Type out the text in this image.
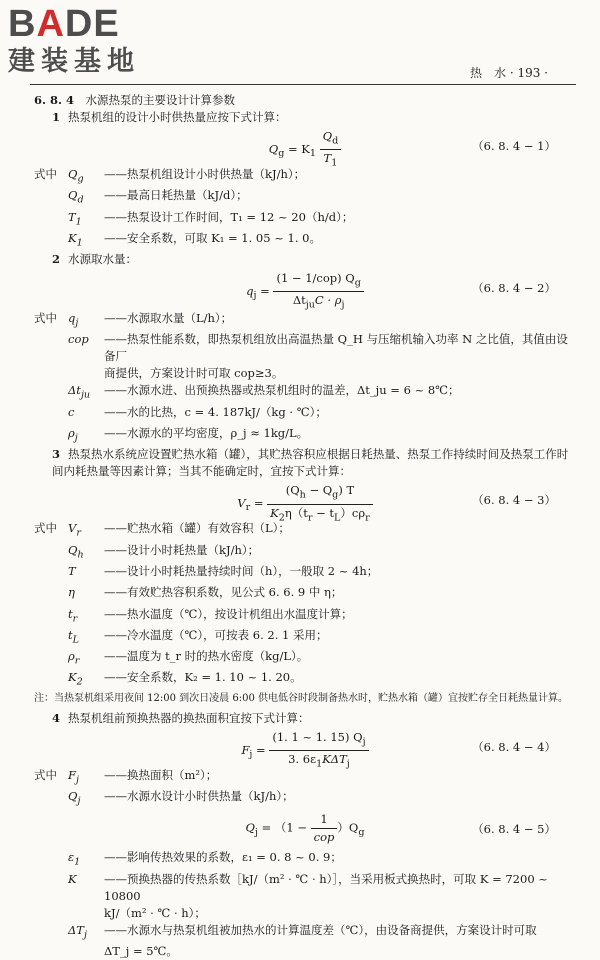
BADE
建装基地	热　水 · 193 ·
6. 8. 4　 水源热泵的主要设计计算参数
1 热泵机组的设计小时供热量应按下式计算：
$Q_g = K_1 \frac{Q_d}{T_1}$	（6. 8. 4 − 1）
式中 $Q_g$	——热泵机组设计小时供热量（kJ/h）；
$Q_d$	——最高日耗热量（kJ/d）；
$T_1$	——热泵设计工作时间，T₁ = 12 ~ 20（h/d）；
$K_1$	——安全系数，可取 K₁ = 1. 05 ~ 1. 0。
2 水源取水量：
$q_j = \frac{(1 - 1/cop) Q_g}{\Delta t_{ju}C \cdot \rho_j}$	（6. 8. 4 − 2）
式中 $q_j$	——水源取水量（L/h）；
cop	——热泵性能系数，即热泵机组放出高温热量 Q_H 与压缩机输入功率 N 之比值，其值由设备厂
商提供，方案设计时可取 cop≥3。
$\Delta t_{ju}$	——水源水进、出预换热器或热泵机组时的温差，Δt_ju = 6 ~ 8℃；
c	——水的比热，c = 4. 187kJ/（kg · ℃）；
$\rho_j$	——水源水的平均密度，ρ_j ≈ 1kg/L。
3 热泵热水系统应设置贮热水箱（罐），其贮热容积应根据日耗热量、热泵工作持续时间及热泵工作时间内耗热量等因素计算；当其不能确定时，宜按下式计算：
$V_r = \frac{(Q_h - Q_g) T}{K_2\eta(t_r - t_L)c\rho_r}$	（6. 8. 4 − 3）
式中 $V_r$	——贮热水箱（罐）有效容积（L）；
$Q_h$	——设计小时耗热量（kJ/h）；
T	——设计小时耗热量持续时间（h），一般取 2 ~ 4h；
η	——有效贮热容积系数，见公式 6. 6. 9 中 η；
$t_r$	——热水温度（℃），按设计机组出水温度计算；
$t_L$	——冷水温度（℃），可按表 6. 2. 1 采用；
$\rho_r$	——温度为 t_r 时的热水密度（kg/L）。
$K_2$	——安全系数，K₂ = 1. 10 ~ 1. 20。
注：当热泵机组采用夜间 12:00 到次日凌晨 6:00 供电低谷时段制备热水时，贮热水箱（罐）宜按贮存全日耗热量计算。
4 热泵机组前预换热器的换热面积宜按下式计算：
$F_j = \frac{(1. 1 \sim 1. 15) Q_j}{3. 6\varepsilon_1K\Delta T_j}$	（6. 8. 4 − 4）
式中 $F_j$	——换热面积（m²）；
$Q_j$	——水源水设计小时供热量（kJ/h）；
$Q_j = (1 - \frac{1}{\text{cop}} )Q_g$	（6. 8. 4 − 5）
$\varepsilon_1$	——影响传热效果的系数，ε₁ = 0. 8 ~ 0. 9；
K	——预换热器的传热系数［kJ/（m² · ℃ · h）］，当采用板式换热时，可取 K = 7200 ~ 10800
kJ/（m² · ℃ · h）；
$\Delta T_j$	——水源水与热泵机组被加热水的计算温度差（℃），由设备商提供，方案设计时可取
ΔT_j = 5℃。
